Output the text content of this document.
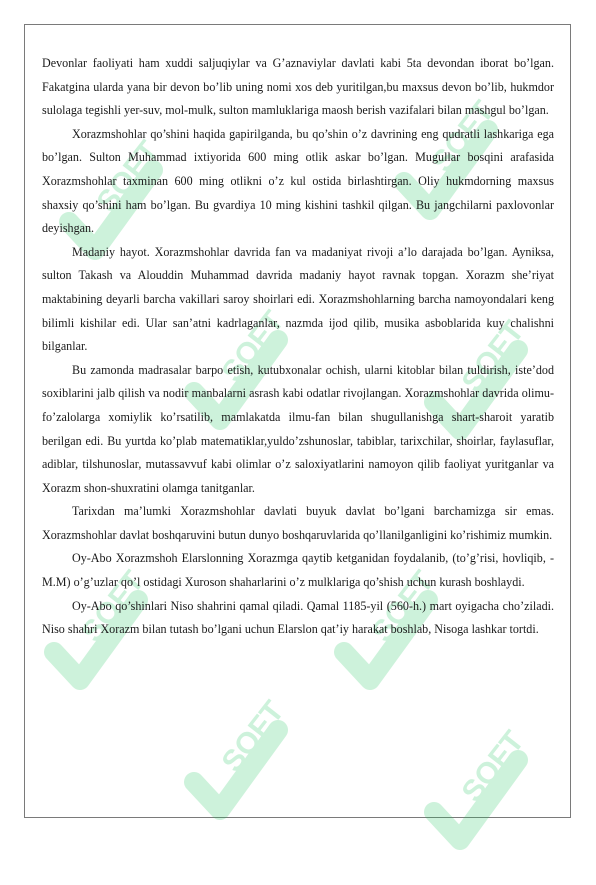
SOFT	SOFT
SOFT	SOFT
SOFT	SOFT
SOFT	SOFT

Devonlar faoliyati ham xuddi saljuqiylar va G’aznaviylar davlati kabi 5ta devondan iborat bo’lgan. Fakatgina ularda yana bir devon bo’lib uning nomi xos deb yuritilgan,bu maxsus devon bo’lib, hukmdor sulolaga tegishli yer-suv, mol-mulk, sulton mamluklariga maosh berish vazifalari bilan mashgul bo’lgan.

Xorazmshohlar qo’shini haqida gapirilganda, bu qo’shin o’z davrining eng qudratli lashkariga ega bo’lgan. Sulton Muhammad ixtiyorida 600 ming otlik askar bo’lgan. Mugullar bosqini arafasida Xorazmshohlar taxminan 600 ming otlikni o’z kul ostida birlashtirgan. Oliy hukmdorning maxsus shaxsiy qo’shini ham bo’lgan. Bu gvardiya 10 ming kishini tashkil qilgan. Bu jangchilarni paxlovonlar deyishgan.

Madaniy hayot. Xorazmshohlar davrida fan va madaniyat rivoji a’lo darajada bo’lgan. Ayniksa, sulton Takash va Alouddin Muhammad davrida madaniy hayot ravnak topgan. Xorazm she’riyat maktabining deyarli barcha vakillari saroy shoirlari edi. Xorazmshohlarning barcha namoyondalari keng bilimli kishilar edi. Ular san’atni kadrlaganlar, nazmda ijod qilib, musika asboblarida kuy chalishni bilganlar.

Bu zamonda madrasalar barpo etish, kutubxonalar ochish, ularni kitoblar bilan tuldirish, iste’dod soxiblarini jalb qilish va nodir manbalarni asrash kabi odatlar rivojlangan. Xorazmshohlar davrida olimu-fo’zalolarga xomiylik ko’rsatilib, mamlakatda ilmu-fan bilan shugullanishga shart-sharoit yaratib berilgan edi. Bu yurtda ko’plab matematiklar,yuldo’zshunoslar, tabiblar, tarixchilar, shoirlar, faylasuflar, adiblar, tilshunoslar, mutassavvuf kabi olimlar o’z saloxiyatlarini namoyon qilib faoliyat yuritganlar va Xorazm shon-shuxratini olamga tanitganlar.

Tarixdan ma’lumki Xorazmshohlar davlati buyuk davlat bo’lgani barchamizga sir emas. Xorazmshohlar davlat boshqaruvini butun dunyo boshqaruvlarida qo’llanilganligini ko’rishimiz mumkin.

Oy-Abo Xorazmshoh Elarslonning Xorazmga qaytib ketganidan foydalanib, (to’g’risi, hovliqib, - M.M) o’g’uzlar qo’l ostidagi Xuroson shaharlarini o’z mulklariga qo’shish uchun kurash boshlaydi.

Oy-Abo qo’shinlari Niso shahrini qamal qiladi. Qamal 1185-yil (560-h.) mart oyigacha cho’ziladi. Niso shahri Xorazm bilan tutash bo’lgani uchun Elarslon qat’iy harakat boshlab, Nisoga lashkar tortdi.
